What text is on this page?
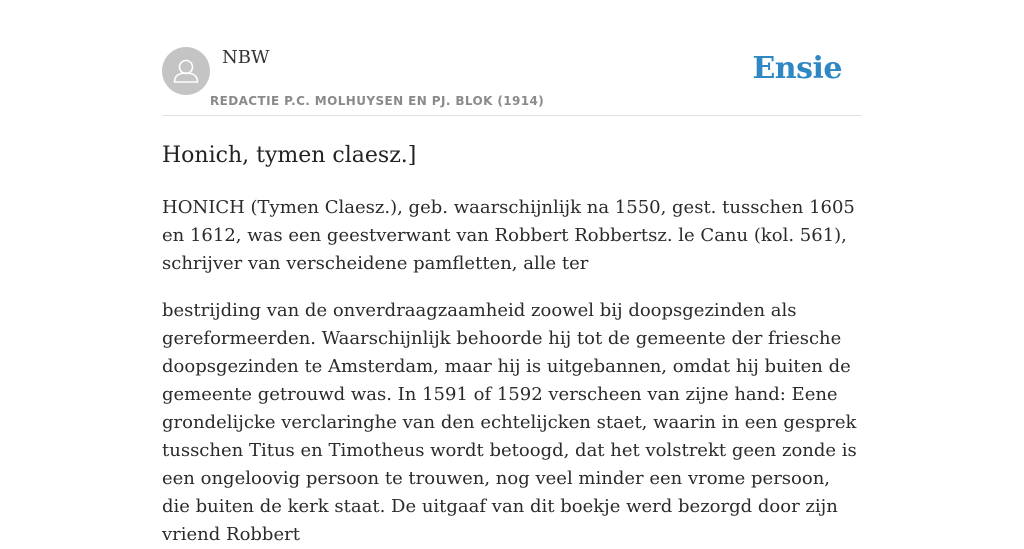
NBW
REDACTIE P.C. MOLHUYSEN EN PJ. BLOK (1914)
Ensie
Honich, tymen claesz.]

HONICH (Tymen Claesz.), geb. waarschijnlijk na 1550, gest. tusschen 1605 en 1612, was een geestverwant van Robbert Robbertsz. le Canu (kol. 561), schrijver van verscheidene pamfletten, alle ter

bestrijding van de onverdraagzaamheid zoowel bij doopsgezinden als gereformeerden. Waarschijnlijk behoorde hij tot de gemeente der friesche doopsgezinden te Amsterdam, maar hij is uitgebannen, omdat hij buiten de gemeente getrouwd was. In 1591 of 1592 verscheen van zijne hand: Eene grondelijcke verclaringhe van den echtelijcken staet, waarin in een gesprek tusschen Titus en Timotheus wordt betoogd, dat het volstrekt geen zonde is een ongeloovig persoon te trouwen, nog veel minder een vrome persoon, die buiten de kerk staat. De uitgaaf van dit boekje werd bezorgd door zijn vriend Robbert
